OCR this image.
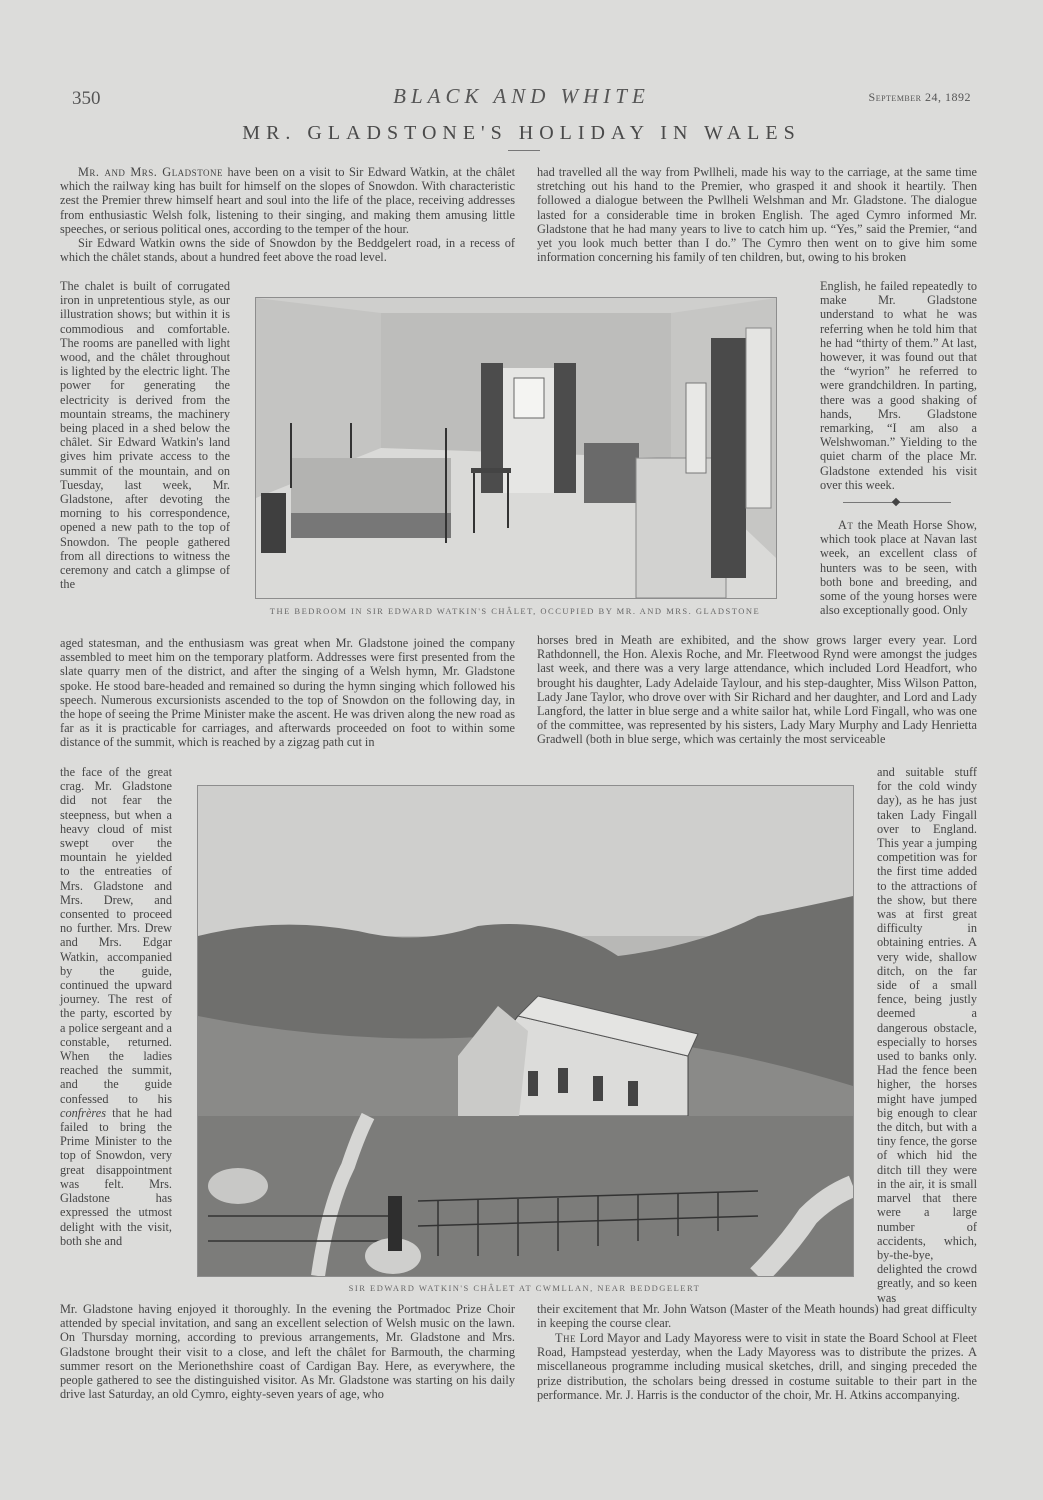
350	BLACK AND WHITE	September 24, 1892
MR. GLADSTONE'S HOLIDAY IN WALES

Mr. and Mrs. Gladstone have been on a visit to Sir Edward Watkin, at the châlet which the railway king has built for himself on the slopes of Snowdon. With characteristic zest the Premier threw himself heart and soul into the life of the place, receiving addresses from enthusiastic Welsh folk, listening to their singing, and making them amusing little speeches, or serious political ones, according to the temper of the hour.

Sir Edward Watkin owns the side of Snowdon by the Beddgelert road, in a recess of which the châlet stands, about a hundred feet above the road level.

The chalet is built of corrugated iron in unpretentious style, as our illustration shows; but within it is commodious and comfortable. The rooms are panelled with light wood, and the châlet throughout is lighted by the electric light. The power for generating the electricity is derived from the mountain streams, the machinery being placed in a shed below the châlet. Sir Edward Watkin's land gives him private access to the summit of the mountain, and on Tuesday, last week, Mr. Gladstone, after devoting the morning to his correspondence, opened a new path to the top of Snowdon. The people gathered from all directions to witness the ceremony and catch a glimpse of the
THE BEDROOM IN SIR EDWARD WATKIN'S CHÂLET, OCCUPIED BY MR. AND MRS. GLADSTONE
aged statesman, and the enthusiasm was great when Mr. Gladstone joined the company assembled to meet him on the temporary platform. Addresses were first presented from the slate quarry men of the district, and after the singing of a Welsh hymn, Mr. Gladstone spoke. He stood bare-headed and remained so during the hymn singing which followed his speech. Numerous excursionists ascended to the top of Snowdon on the following day, in the hope of seeing the Prime Minister make the ascent. He was driven along the new road as far as it is practicable for carriages, and afterwards proceeded on foot to within some distance of the summit, which is reached by a zigzag path cut in
the face of the great crag. Mr. Gladstone did not fear the steepness, but when a heavy cloud of mist swept over the mountain he yielded to the entreaties of Mrs. Gladstone and Mrs. Drew, and consented to proceed no further. Mrs. Drew and Mrs. Edgar Watkin, accompanied by the guide, continued the upward journey. The rest of the party, escorted by a police sergeant and a constable, returned. When the ladies reached the summit, and the guide confessed to his confrères that he had failed to bring the Prime Minister to the top of Snowdon, very great disappointment was felt. Mrs. Gladstone has expressed the utmost delight with the visit, both she and
SIR EDWARD WATKIN'S CHÂLET AT CWMLLAN, NEAR BEDDGELERT
Mr. Gladstone having enjoyed it thoroughly. In the evening the Portmadoc Prize Choir attended by special invitation, and sang an excellent selection of Welsh music on the lawn. On Thursday morning, according to previous arrangements, Mr. Gladstone and Mrs. Gladstone brought their visit to a close, and left the châlet for Barmouth, the charming summer resort on the Merionethshire coast of Cardigan Bay. Here, as everywhere, the people gathered to see the distinguished visitor. As Mr. Gladstone was starting on his daily drive last Saturday, an old Cymro, eighty-seven years of age, who
had travelled all the way from Pwllheli, made his way to the carriage, at the same time stretching out his hand to the Premier, who grasped it and shook it heartily. Then followed a dialogue between the Pwllheli Welshman and Mr. Gladstone. The dialogue lasted for a considerable time in broken English. The aged Cymro informed Mr. Gladstone that he had many years to live to catch him up. “Yes,” said the Premier, “and yet you look much better than I do.” The Cymro then went on to give him some information concerning his family of ten children, but, owing to his broken
English, he failed repeatedly to make Mr. Gladstone understand to what he was referring when he told him that he had “thirty of them.” At last, however, it was found out that the “wyrion” he referred to were grandchildren. In parting, there was a good shaking of hands, Mrs. Gladstone remarking, “I am also a Welshwoman.” Yielding to the quiet charm of the place Mr. Gladstone extended his visit over this week.
At the Meath Horse Show, which took place at Navan last week, an excellent class of hunters was to be seen, with both bone and breeding, and some of the young horses were also exceptionally good. Only
horses bred in Meath are exhibited, and the show grows larger every year. Lord Rathdonnell, the Hon. Alexis Roche, and Mr. Fleetwood Rynd were amongst the judges last week, and there was a very large attendance, which included Lord Headfort, who brought his daughter, Lady Adelaide Taylour, and his step-daughter, Miss Wilson Patton, Lady Jane Taylor, who drove over with Sir Richard and her daughter, and Lord and Lady Langford, the latter in blue serge and a white sailor hat, while Lord Fingall, who was one of the committee, was represented by his sisters, Lady Mary Murphy and Lady Henrietta Gradwell (both in blue serge, which was certainly the most serviceable
and suitable stuff for the cold windy day), as he has just taken Lady Fingall over to England. This year a jumping competition was for the first time added to the attractions of the show, but there was at first great difficulty in obtaining entries. A very wide, shallow ditch, on the far side of a small fence, being justly deemed a dangerous obstacle, especially to horses used to banks only. Had the fence been higher, the horses might have jumped big enough to clear the ditch, but with a tiny fence, the gorse of which hid the ditch till they were in the air, it is small marvel that there were a large number of accidents, which, by-the-bye, delighted the crowd greatly, and so keen was
their excitement that Mr. John Watson (Master of the Meath hounds) had great difficulty in keeping the course clear.
The Lord Mayor and Lady Mayoress were to visit in state the Board School at Fleet Road, Hampstead yesterday, when the Lady Mayoress was to distribute the prizes. A miscellaneous programme including musical sketches, drill, and singing preceded the prize distribution, the scholars being dressed in costume suitable to their part in the performance. Mr. J. Harris is the conductor of the choir, Mr. H. Atkins accompanying.
